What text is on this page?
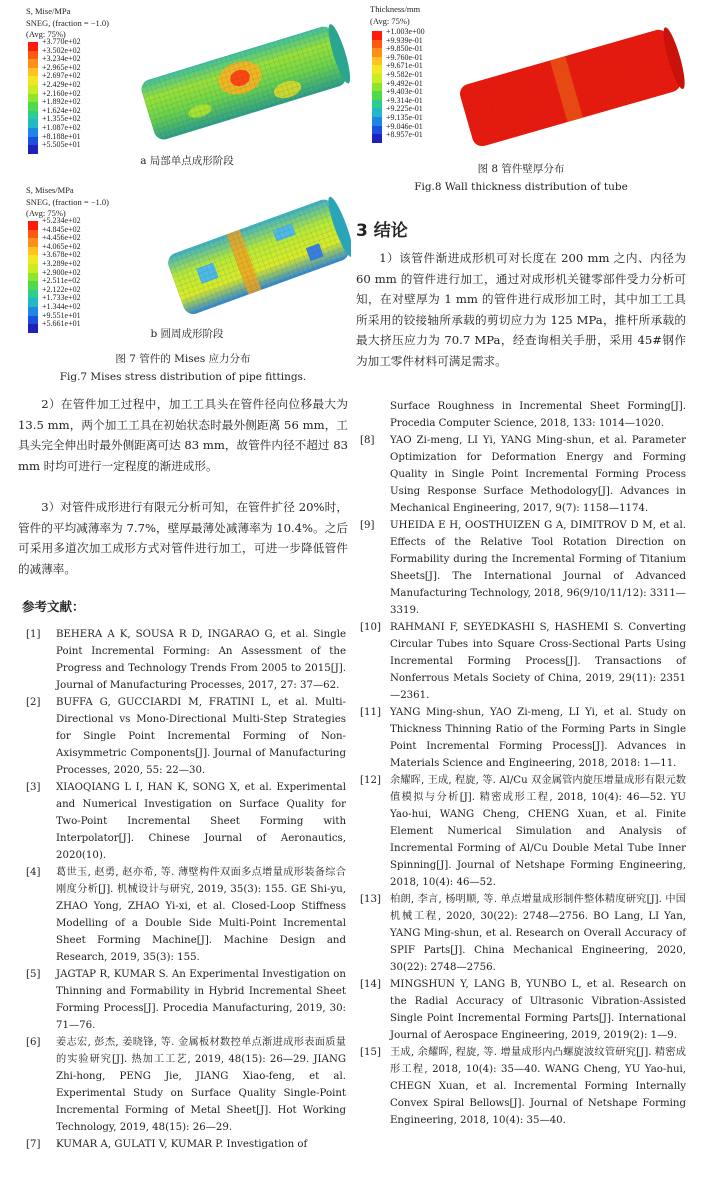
S, Mise/MPa
SNEG, (fraction = −1.0)
(Avg: 75%)
+3.770e+02
+3.502e+02
+3.234e+02
+2.965e+02
+2.697e+02
+2.429e+02
+2.160e+02
+1.892e+02
+1.624e+02
+1.355e+02
+1.087e+02
+8.188e+01
+5.505e+01
a 局部单点成形阶段
S, Mises/MPa
SNEG, (fraction = −1.0)
(Avg: 75%)
+5.234e+02
+4.845e+02
+4.456e+02
+4.065e+02
+3.678e+02
+3.289e+02
+2.900e+02
+2.511e+02
+2.122e+02
+1.733e+02
+1.344e+02
+9.551e+01
+5.661e+01
b 圆周成形阶段
图 7 管件的 Mises 应力分布
Fig.7 Mises stress distribution of pipe fittings.

2）在管件加工过程中，加工工具头在管件径向位移最大为 13.5 mm，两个加工工具在初始状态时最外侧距离 56 mm，工具头完全伸出时最外侧距离可达 83 mm，故管件内径不超过 83 mm 时均可进行一定程度的渐进成形。

3）对管件成形进行有限元分析可知，在管件扩径 20%时，管件的平均减薄率为 7.7%，壁厚最薄处减薄率为 10.4%。之后可采用多道次加工成形方式对管件进行加工，可进一步降低管件的减薄率。

参考文献：
[1] BEHERA A K, SOUSA R D, INGARAO G, et al. Single Point Incremental Forming: An Assessment of the Progress and Technology Trends From 2005 to 2015[J]. Journal of Manufacturing Processes, 2017, 27: 37—62.
[2] BUFFA G, GUCCIARDI M, FRATINI L, et al. Multi-Directional vs Mono-Directional Multi-Step Strategies for Single Point Incremental Forming of Non-Axisymmetric Components[J]. Journal of Manufacturing Processes, 2020, 55: 22—30.
[3] XIAOQIANG L I, HAN K, SONG X, et al. Experimental and Numerical Investigation on Surface Quality for Two-Point Incremental Sheet Forming with Interpolator[J]. Chinese Journal of Aeronautics, 2020(10).
[4] 葛世玉, 赵勇, 赵亦希, 等. 薄壁构件双面多点增量成形装备综合刚度分析[J]. 机械设计与研究, 2019, 35(3): 155. GE Shi-yu, ZHAO Yong, ZHAO Yi-xi, et al. Closed-Loop Stiffness Modelling of a Double Side Multi-Point Incremental Sheet Forming Machine[J]. Machine Design and Research, 2019, 35(3): 155.
[5] JAGTAP R, KUMAR S. An Experimental Investigation on Thinning and Formability in Hybrid Incremental Sheet Forming Process[J]. Procedia Manufacturing, 2019, 30: 71—76.
[6] 姜志宏, 彭杰, 姜晓锋, 等. 金属板材数控单点渐进成形表面质量的实验研究[J]. 热加工工艺, 2019, 48(15): 26—29. JIANG Zhi-hong, PENG Jie, JIANG Xiao-feng, et al. Experimental Study on Surface Quality Single-Point Incremental Forming of Metal Sheet[J]. Hot Working Technology, 2019, 48(15): 26—29.
[7] KUMAR A, GULATI V, KUMAR P. Investigation of
Thickness/mm
(Avg: 75%)
+1.003e+00
+9.939e-01
+9.850e-01
+9.760e-01
+9.671e-01
+9.582e-01
+9.492e-01
+9.403e-01
+9.314e-01
+9.225e-01
+9.135e-01
+9.046e-01
+8.957e-01
图 8 管件壁厚分布
Fig.8 Wall thickness distribution of tube
3 结论

1）该管件渐进成形机可对长度在 200 mm 之内、内径为 60 mm 的管件进行加工，通过对成形机关键零部件受力分析可知，在对壁厚为 1 mm 的管件进行成形加工时，其中加工工具所采用的铰接轴所承载的剪切应力为 125 MPa，推杆所承载的最大挤压应力为 70.7 MPa，经查询相关手册，采用 45#钢作为加工零件材料可满足需求。

Surface Roughness in Incremental Sheet Forming[J]. Procedia Computer Science, 2018, 133: 1014—1020.
[8] YAO Zi-meng, LI Yi, YANG Ming-shun, et al. Parameter Optimization for Deformation Energy and Forming Quality in Single Point Incremental Forming Process Using Response Surface Methodology[J]. Advances in Mechanical Engineering, 2017, 9(7): 1158—1174.
[9] UHEIDA E H, OOSTHUIZEN G A, DIMITROV D M, et al. Effects of the Relative Tool Rotation Direction on Formability during the Incremental Forming of Titanium Sheets[J]. The International Journal of Advanced Manufacturing Technology, 2018, 96(9/10/11/12): 3311—3319.
[10] RAHMANI F, SEYEDKASHI S, HASHEMI S. Converting Circular Tubes into Square Cross-Sectional Parts Using Incremental Forming Process[J]. Transactions of Nonferrous Metals Society of China, 2019, 29(11): 2351—2361.
[11] YANG Ming-shun, YAO Zi-meng, LI Yi, et al. Study on Thickness Thinning Ratio of the Forming Parts in Single Point Incremental Forming Process[J]. Advances in Materials Science and Engineering, 2018, 2018: 1—11.
[12] 余耀晖, 王成, 程旋, 等. Al/Cu 双金属管内旋压增量成形有限元数值模拟与分析[J]. 精密成形工程, 2018, 10(4): 46—52. YU Yao-hui, WANG Cheng, CHENG Xuan, et al. Finite Element Numerical Simulation and Analysis of Incremental Forming of Al/Cu Double Metal Tube Inner Spinning[J]. Journal of Netshape Forming Engineering, 2018, 10(4): 46—52.
[13] 柏朗, 李言, 杨明顺, 等. 单点增量成形制件整体精度研究[J]. 中国机械工程, 2020, 30(22): 2748—2756. BO Lang, LI Yan, YANG Ming-shun, et al. Research on Overall Accuracy of SPIF Parts[J]. China Mechanical Engineering, 2020, 30(22): 2748—2756.
[14] MINGSHUN Y, LANG B, YUNBO L, et al. Research on the Radial Accuracy of Ultrasonic Vibration-Assisted Single Point Incremental Forming Parts[J]. International Journal of Aerospace Engineering, 2019, 2019(2): 1—9.
[15] 王成, 余耀晖, 程旋, 等. 增量成形内凸螺旋波纹管研究[J]. 精密成形工程, 2018, 10(4): 35—40. WANG Cheng, YU Yao-hui, CHEGN Xuan, et al. Incremental Forming Internally Convex Spiral Bellows[J]. Journal of Netshape Forming Engineering, 2018, 10(4): 35—40.
